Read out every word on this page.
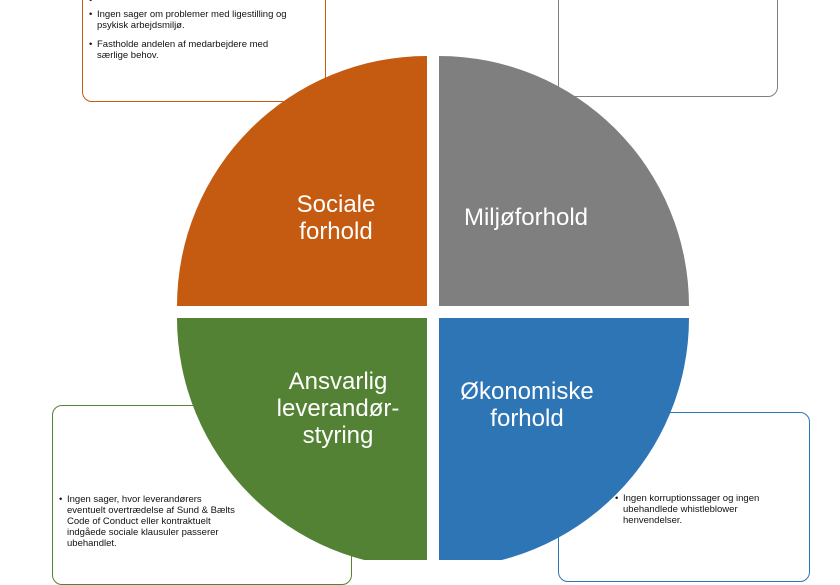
•
• Ingen sager om problemer med ligestilling og psykisk arbejdsmiljø.
• Fastholde andelen af medarbejdere med særlige behov.
• Ingen sager, hvor leverandørers eventuelt overtrædelse af Sund & Bælts Code of Conduct eller kontraktuelt indgåede sociale klausuler passerer ubehandlet.
• Ingen korruptionssager og ingen ubehandlede whistleblower henvendelser.
Sociale
forhold
Miljøforhold
Ansvarlig
leverandør-
styring
Økonomiske
forhold
